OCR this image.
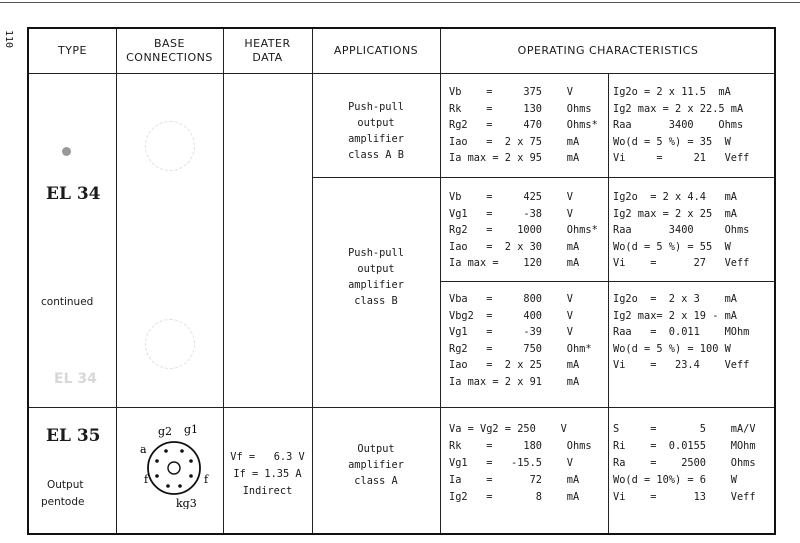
110
TYPE
BASE
CONNECTIONS
HEATER
DATA
APPLICATIONS	OPERATING CHARACTERISTICS
EL 34
continued
EL 34
Push-pull
output
amplifier
class A B
Push-pull
output
amplifier
class B
Vb    =     375    V
Rk    =     130    Ohms
Rg2   =     470    Ohms*
Iao   =  2 x 75    mA
Ia max = 2 x 95    mA
Ig2o = 2 x 11.5  mA
Ig2 max = 2 x 22.5 mA
Raa      3400    Ohms
Wo(d = 5 %) = 35  W
Vi     =     21   Veff
Vb    =     425    V
Vg1   =     -38    V
Rg2   =    1000    Ohms*
Iao   =  2 x 30    mA
Ia max =    120    mA
Ig2o  = 2 x 4.4   mA
Ig2 max = 2 x 25  mA
Raa      3400     Ohms
Wo(d = 5 %) = 55  W
Vi    =      27   Veff
Vba   =     800    V
Vbg2  =     400    V
Vg1   =     -39    V
Rg2   =     750    Ohm*
Iao   =  2 x 25    mA
Ia max = 2 x 91    mA
Ig2o  =  2 x 3    mA
Ig2 max= 2 x 19 - mA
Raa   =  0.011    MOhm
Wo(d = 5 %) = 100 W
Vi    =   23.4    Veff
EL 35
Output
pentode
g2 g1
a
f	f
kg3
Vf =   6.3 V
If = 1.35 A
Indirect
Output
amplifier
class A
Va = Vg2 = 250    V
Rk    =     180    Ohms
Vg1   =   -15.5    V
Ia    =      72    mA
Ig2   =       8    mA
S     =       5    mA/V
Ri    =  0.0155    MOhm
Ra    =    2500    Ohms
Wo(d = 10%) = 6    W
Vi    =      13    Veff
